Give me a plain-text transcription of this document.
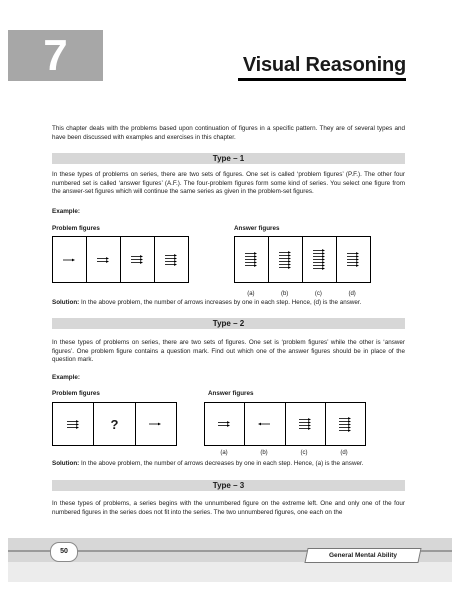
7	Visual Reasoning
This chapter deals with the problems based upon continuation of figures in a specific pattern. They are of several types and have been discussed with examples and exercises in this chapter.
Type – 1
In these types of problems on series, there are two sets of figures. One set is called ‘problem figures’ (P.F.). The other four numbered set is called ‘answer figures’ (A.F.). The four-problem figures form some kind of series. You select one figure from the answer-set figures which will continue the same series as given in the problem-set figures.
Example:
Problem figures	Answer figures
(a)	(b)	(c)	(d)
Solution: In the above problem, the number of arrows increases by one in each step. Hence, (d) is the answer.
Type – 2
In these types of problems on series, there are two sets of figures. One set is ‘problem figures’ while the other is ‘answer figures’. One problem figure contains a question mark. Find out which one of the answer figures should be in place of the question mark.
Example:
Problem figures	Answer figures
?
(a)	(b)	(c)	(d)
Solution: In the above problem, the number of arrows decreases by one in each step. Hence, (a) is the answer.
Type – 3
In these types of problems, a series begins with the unnumbered figure on the extreme left. One and only one of the four numbered figures in the series does not fit into the series. The two unnumbered figures, one each on the
50
General Mental Ability
